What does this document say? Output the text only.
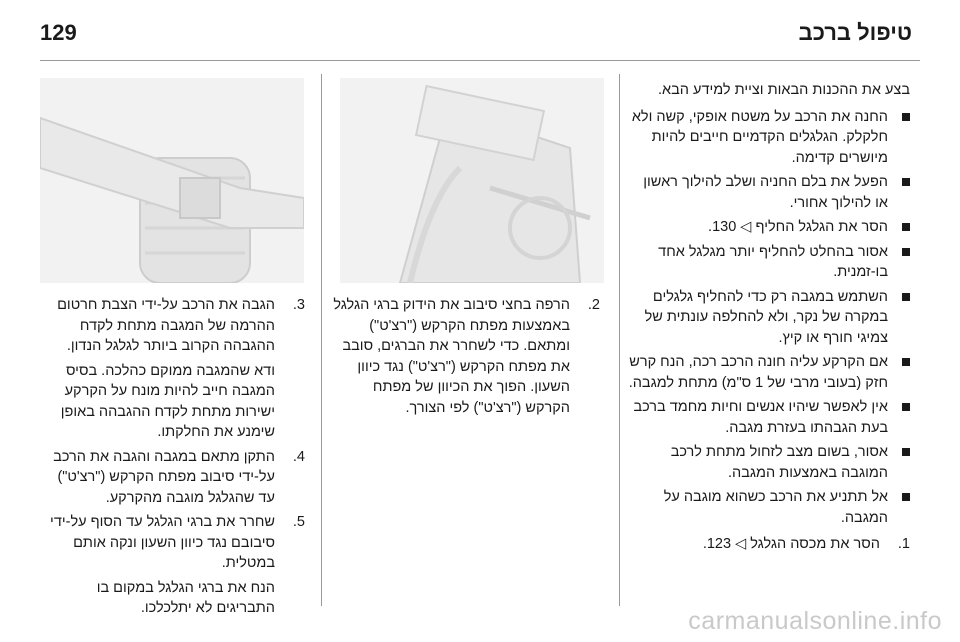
129	טיפול ברכב

בצע את ההכנות הבאות וציית למידע הבא.

החנה את הרכב על משטח אופקי, קשה ולא חלקלק. הגלגלים הקדמיים חייבים להיות מיושרים קדימה.
הפעל את בלם החניה ושלב להילוך ראשון או להילוך אחורי.
הסר את הגלגל החליף ◁ 130.
אסור בהחלט להחליף יותר מגלגל אחד בו-זמנית.
השתמש במגבה רק כדי להחליף גלגלים במקרה של נקר, ולא להחלפה עונתית של צמיגי חורף או קיץ.
אם הקרקע עליה חונה הרכב רכה, הנח קרש חזק (בעובי מרבי של 1 ס"מ) מתחת למגבה.
אין לאפשר שיהיו אנשים וחיות מחמד ברכב בעת הגבהתו בעזרת מגבה.
אסור, בשום מצב לזחול מתחת לרכב המוגבה באמצעות המגבה.
אל תתניע את הרכב כשהוא מוגבה על המגבה.
1.
הסר את מכסה הגלגל ◁ 123.
2.
הרפה בחצי סיבוב את הידוק ברגי הגלגל באמצעות מפתח הקרקש ("רצ'ט") ומתאם. כדי לשחרר את הברגים, סובב את מפתח הקרקש ("רצ'ט") נגד כיוון השעון. הפוך את הכיוון של מפתח הקרקש ("רצ'ט") לפי הצורך.
3.
הגבה את הרכב על-ידי הצבת חרטום ההרמה של המגבה מתחת לקדח ההגבהה הקרוב ביותר לגלגל הנדון.

ודא שהמגבה ממוקם כהלכה. בסיס המגבה חייב להיות מונח על הקרקע ישירות מתחת לקדח ההגבהה באופן שימנע את החלקתו.

4.
התקן מתאם במגבה והגבה את הרכב על-ידי סיבוב מפתח הקרקש ("רצ'ט") עד שהגלגל מוגבה מהקרקע.
5.
שחרר את ברגי הגלגל עד הסוף על-ידי סיבובם נגד כיוון השעון ונקה אותם במטלית.

הנח את ברגי הגלגל במקום בו התבריגים לא יתלכלכו.	carmanualsonline.info
